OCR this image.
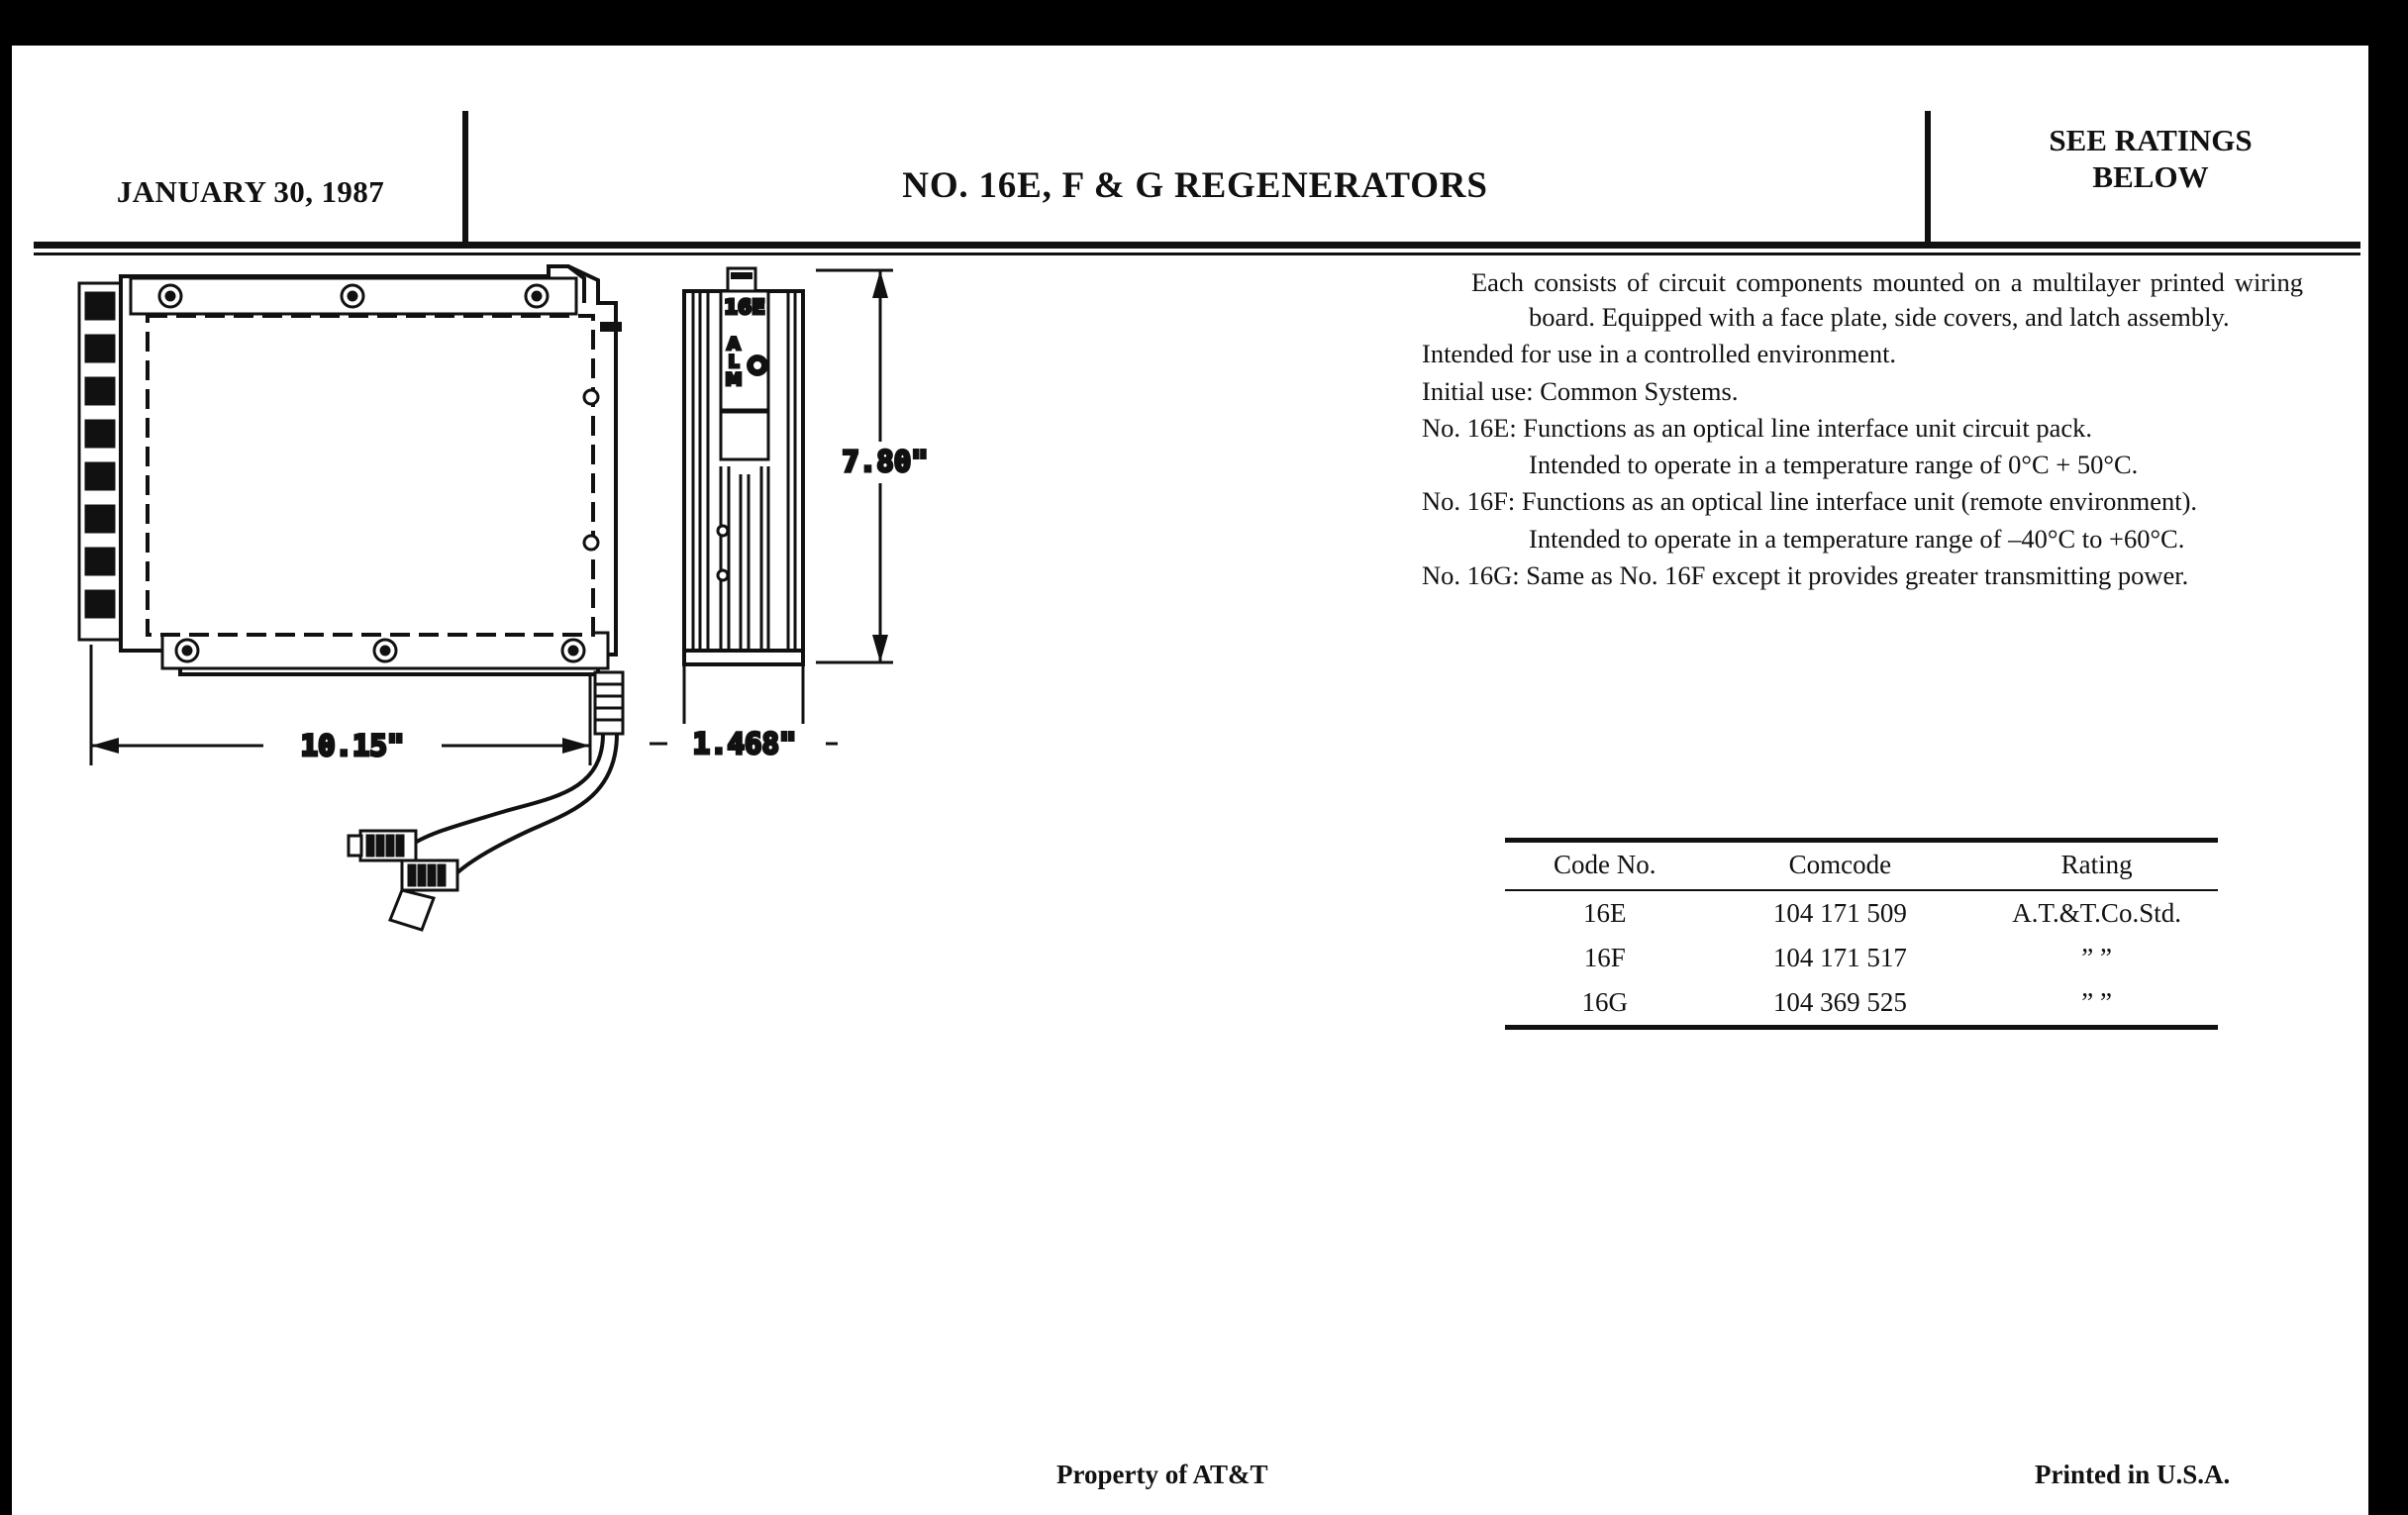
JANUARY 30, 1987	NO. 16E, F & G REGENERATORS
SEE RATINGS
BELOW

Each consists of circuit components mounted on a multilayer printed wiring board. Equipped with a face plate, side covers, and latch assembly.

Intended for use in a controlled environment.

Initial use: Common Systems.

No. 16E: Functions as an optical line interface unit circuit pack.

Intended to operate in a temperature range of 0°C + 50°C.

No. 16F: Functions as an optical line interface unit (remote environment).

Intended to operate in a temperature range of –40°C to +60°C.

No. 16G: Same as No. 16F except it provides greater transmitting power.

Code No.	Comcode	Rating
16E	104 171 509	A.T.&T.Co.Std.
16F	104 171 517	” ”
16G	104 369 525	” ”
Property of AT&T	Printed in U.S.A.
10.15"
16E
A
L
M
7.80"
1.468"
